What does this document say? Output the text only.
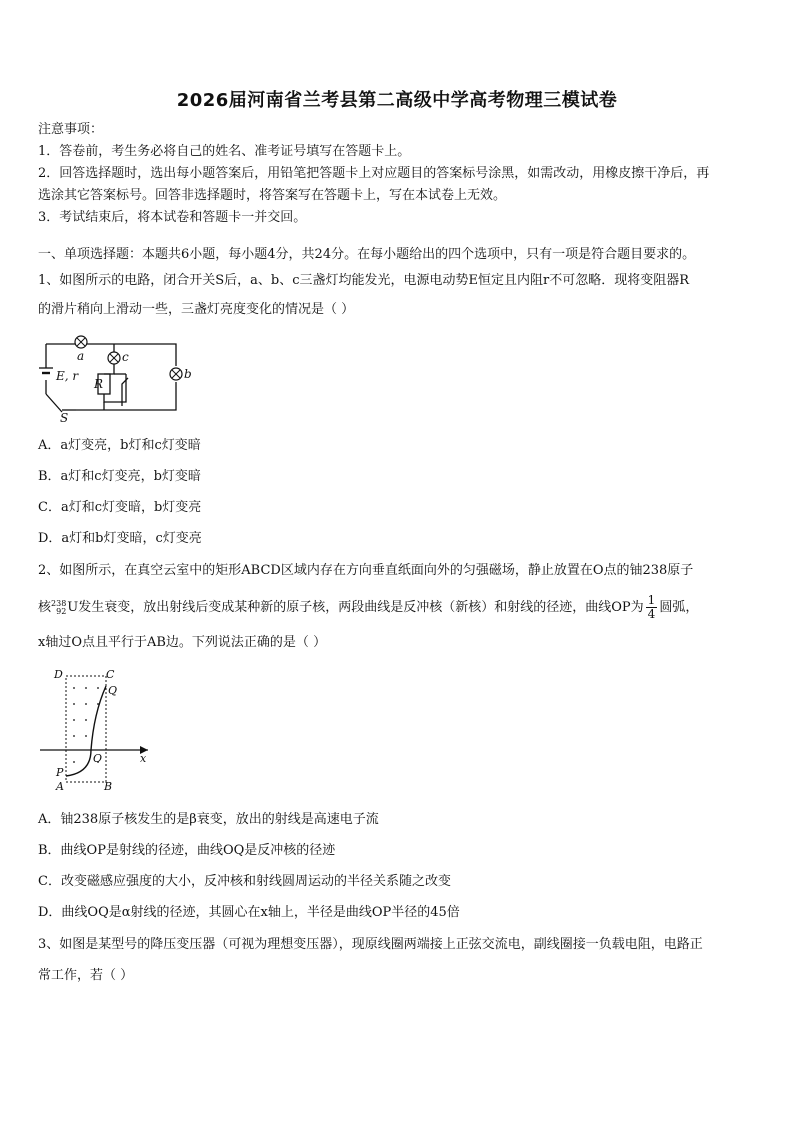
2026届河南省兰考县第二高级中学高考物理三模试卷
注意事项：
1．答卷前，考生务必将自己的姓名、准考证号填写在答题卡上。
2．回答选择题时，选出每小题答案后，用铅笔把答题卡上对应题目的答案标号涂黑，如需改动，用橡皮擦干净后，再
选涂其它答案标号。回答非选择题时，将答案写在答题卡上，写在本试卷上无效。
3．考试结束后，将本试卷和答题卡一并交回。
一、单项选择题：本题共6小题，每小题4分，共24分。在每小题给出的四个选项中，只有一项是符合题目要求的。
1、如图所示的电路，闭合开关S后，a、b、c三盏灯均能发光，电源电动势E恒定且内阻r不可忽略．现将变阻器R
的滑片稍向上滑动一些，三盏灯亮度变化的情况是（ ）
a	c
b
E, r
R
S
A．a灯变亮，b灯和c灯变暗
B．a灯和c灯变亮，b灯变暗
C．a灯和c灯变暗，b灯变亮
D．a灯和b灯变暗，c灯变亮
2、如图所示，在真空云室中的矩形ABCD区域内存在方向垂直纸面向外的匀强磁场，静止放置在O点的铀238原子
核 238
92 U发生衰变，放出射线后变成某种新的原子核，两段曲线是反冲核（新核）和射线的径迹，曲线OP为 $\frac{1}{4}$ 圆弧，
x轴过O点且平行于AB边。下列说法正确的是（ ）
D	C
Q
O	x
P
A	B
A．铀238原子核发生的是β衰变，放出的射线是高速电子流
B．曲线OP是射线的径迹，曲线OQ是反冲核的径迹
C．改变磁感应强度的大小，反冲核和射线圆周运动的半径关系随之改变
D．曲线OQ是α射线的径迹，其圆心在x轴上，半径是曲线OP半径的45倍
3、如图是某型号的降压变压器（可视为理想变压器），现原线圈两端接上正弦交流电，副线圈接一负载电阻，电路正
常工作，若（ ）
